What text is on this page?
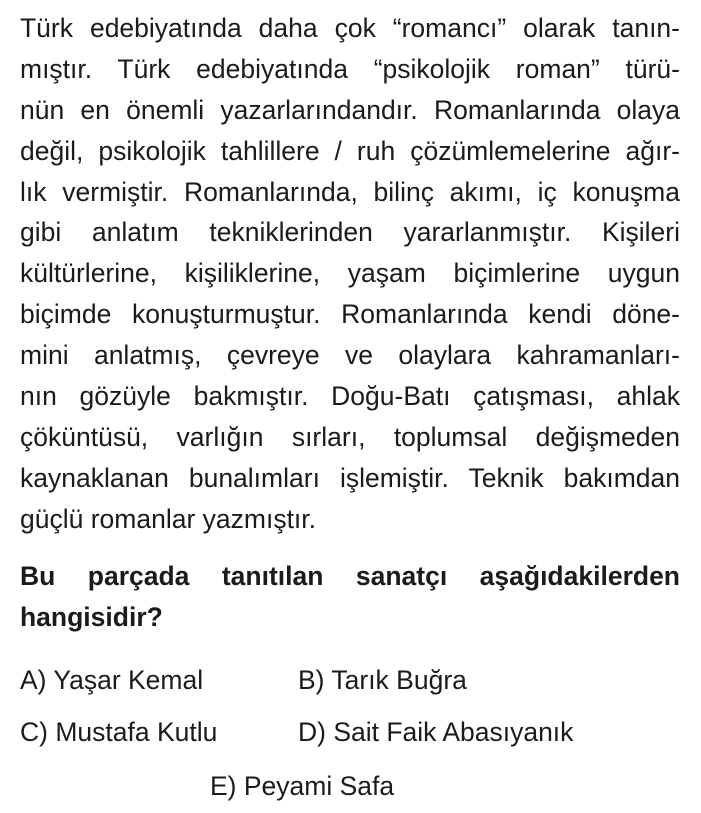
Türk edebiyatında daha çok “romancı” olarak tanın-
mıştır. Türk edebiyatında “psikolojik roman” türü-
nün en önemli yazarlarındandır. Romanlarında olaya
değil, psikolojik tahlillere / ruh çözümlemelerine ağır-
lık vermiştir. Romanlarında, bilinç akımı, iç konuşma
gibi anlatım tekniklerinden yararlanmıştır. Kişileri
kültürlerine, kişiliklerine, yaşam biçimlerine uygun
biçimde konuşturmuştur. Romanlarında kendi döne-
mini anlatmış, çevreye ve olaylara kahramanları-
nın gözüyle bakmıştır. Doğu-Batı çatışması, ahlak
çöküntüsü, varlığın sırları, toplumsal değişmeden
kaynaklanan bunalımları işlemiştir. Teknik bakımdan
güçlü romanlar yazmıştır.
Bu parçada tanıtılan sanatçı aşağıdakilerden
hangisidir?
A) Yaşar Kemal	B) Tarık Buğra
C) Mustafa Kutlu	D) Sait Faik Abasıyanık
E) Peyami Safa
